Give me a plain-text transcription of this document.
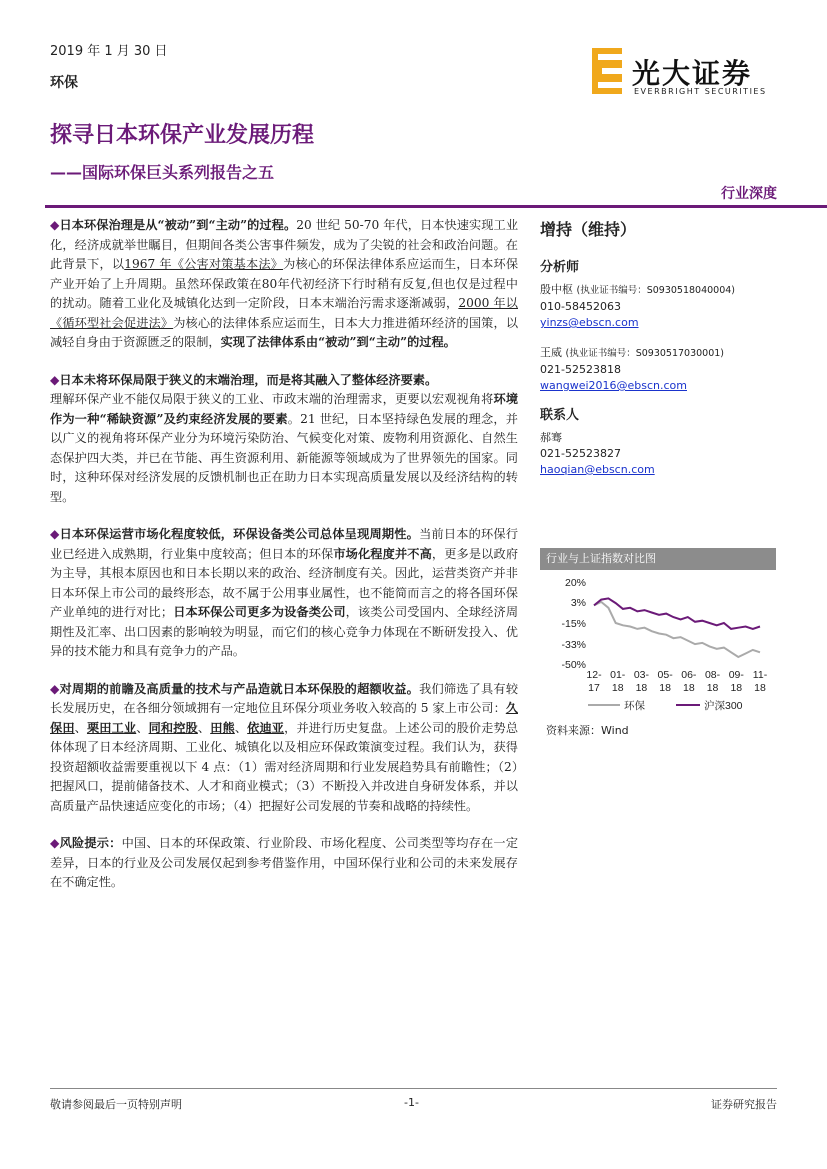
2019 年 1 月 30 日
环保	光大证券
EVERBRIGHT SECURITIES
探寻日本环保产业发展历程
——国际环保巨头系列报告之五
行业深度

◆日本环保治理是从“被动”到“主动”的过程。20 世纪 50-70 年代，日本快速实现工业化，经济成就举世瞩目，但期间各类公害事件频发，成为了尖锐的社会和政治问题。在此背景下，以1967 年《公害对策基本法》为核心的环保法律体系应运而生，日本环保产业开始了上升周期。虽然环保政策在80年代初经济下行时稍有反复,但也仅是过程中的扰动。随着工业化及城镇化达到一定阶段，日本末端治污需求逐渐减弱，2000 年以《循环型社会促进法》为核心的法律体系应运而生，日本大力推进循环经济的国策，以减轻自身由于资源匮乏的限制，实现了法律体系由“被动”到“主动”的过程。

◆日本未将环保局限于狭义的末端治理，而是将其融入了整体经济要素。
理解环保产业不能仅局限于狭义的工业、市政末端的治理需求，更要以宏观视角将环境作为一种“稀缺资源”及约束经济发展的要素。21 世纪，日本坚持绿色发展的理念，并以广义的视角将环保产业分为环境污染防治、气候变化对策、废物利用资源化、自然生态保护四大类，并已在节能、再生资源利用、新能源等领域成为了世界领先的国家。同时，这种环保对经济发展的反馈机制也正在助力日本实现高质量发展以及经济结构的转型。

◆日本环保运营市场化程度较低，环保设备类公司总体呈现周期性。当前日本的环保行业已经进入成熟期，行业集中度较高；但日本的环保市场化程度并不高，更多是以政府为主导，其根本原因也和日本长期以来的政治、经济制度有关。因此，运营类资产并非日本环保上市公司的最终形态，故不属于公用事业属性，也不能简而言之的将各国环保产业单纯的进行对比；日本环保公司更多为设备类公司，该类公司受国内、全球经济周期性及汇率、出口因素的影响较为明显，而它们的核心竞争力体现在不断研发投入、优异的技术能力和具有竞争力的产品。

◆对周期的前瞻及高质量的技术与产品造就日本环保股的超额收益。我们筛选了具有较长发展历史，在各细分领域拥有一定地位且环保分项业务收入较高的 5 家上市公司：久保田、栗田工业、同和控股、田熊、依迪亚，并进行历史复盘。上述公司的股价走势总体体现了日本经济周期、工业化、城镇化以及相应环保政策演变过程。我们认为，获得投资超额收益需要重视以下 4 点：（1）需对经济周期和行业发展趋势具有前瞻性；（2）把握风口，提前储备技术、人才和商业模式；（3）不断投入并改进自身研发体系，并以高质量产品快速适应变化的市场；（4）把握好公司发展的节奏和战略的持续性。

◆风险提示：中国、日本的环保政策、行业阶段、市场化程度、公司类型等均存在一定差异，日本的行业及公司发展仅起到参考借鉴作用，中国环保行业和公司的未来发展存在不确定性。

增持（维持）
分析师
殷中枢 (执业证书编号：S0930518040004)
010-58452063
yinzs@ebscn.com
王威 (执业证书编号：S0930517030001)
021-52523818
wangwei2016@ebscn.com
联系人
郝骞
021-52523827
haoqian@ebscn.com
行业与上证指数对比图
20%
3%
-15%
-33%
-50%
12-
17
01-
18
03-
18
05-
18
06-
18
08-
18
09-
18
11-
18
环保	沪深300
资料来源：Wind
敬请参阅最后一页特别声明	-1-	证券研究报告
